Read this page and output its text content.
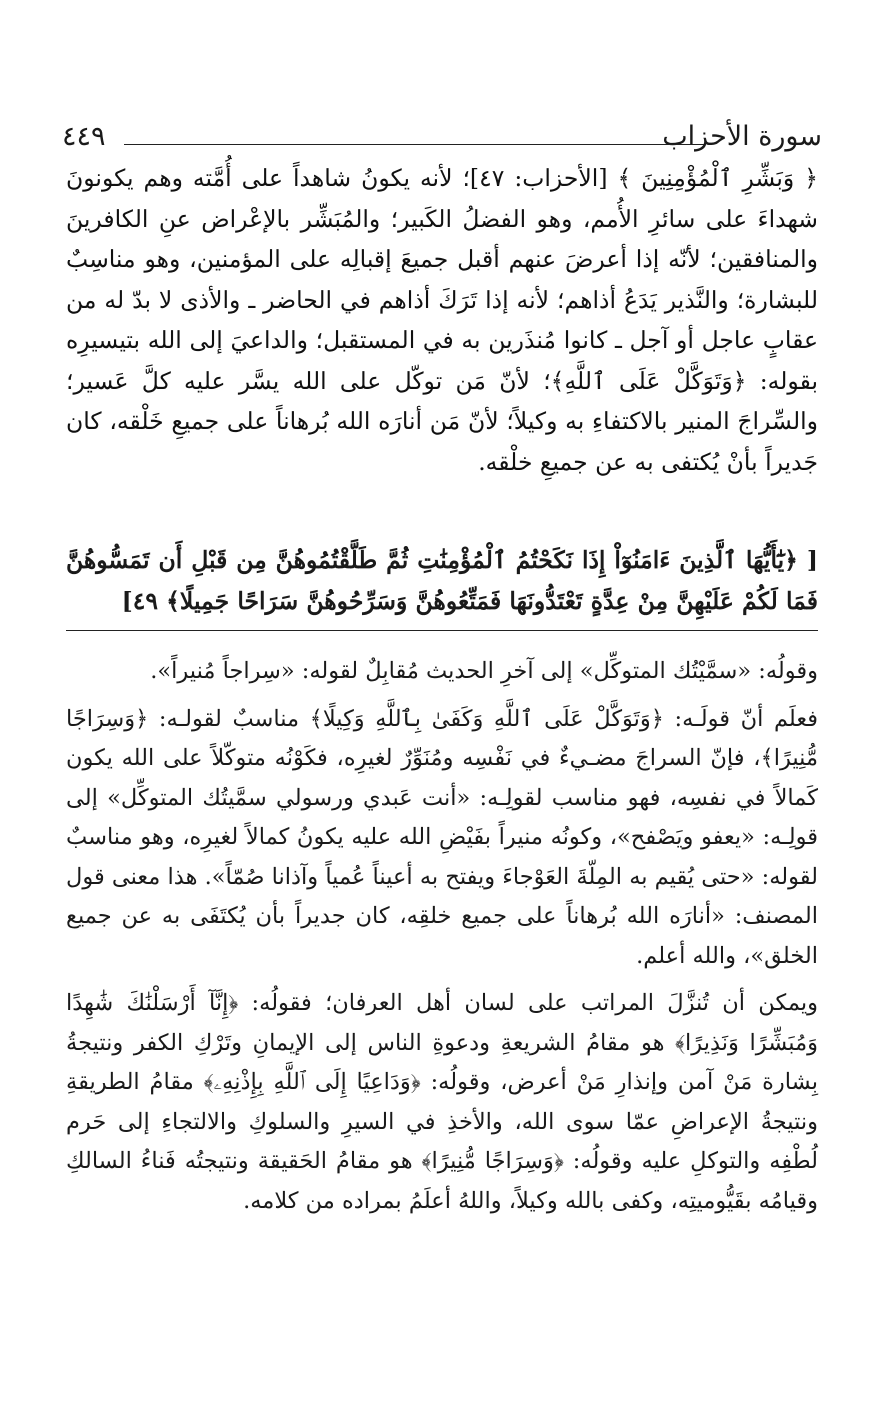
سورة الأحزاب
٤٤٩

﴿ وَبَشِّرِ ٱلْمُؤْمِنِينَ ﴾ [الأحزاب: ٤٧]؛ لأنه يكونُ شاهداً على أُمَّته وهم يكونونَ شهداءَ على سائرِ الأُمم، وهو الفضلُ الكَبير؛ والمُبَشِّر بالإعْراض عنِ الكافرينَ والمنافقين؛ لأنّه إذا أعرضَ عنهم أقبل جميعَ إقبالِه على المؤمنين، وهو مناسِبٌ للبشارة؛ والنَّذير يَدَعُ أذاهم؛ لأنه إذا تَرَكَ أذاهم في الحاضر ـ والأذى لا بدّ له من عقابٍ عاجل أو آجل ـ كانوا مُنذَرين به في المستقبل؛ والداعيَ إلى الله بتيسيرِه بقوله: ﴿وَتَوَكَّلْ عَلَى ٱللَّهِ﴾؛ لأنّ مَن توكّل على الله يسَّر عليه كلَّ عَسير؛ والسِّراجَ المنير بالاكتفاءِ به وكيلاً؛ لأنّ مَن أنارَه الله بُرهاناً على جميعِ خَلْقه، كان جَديراً بأنْ يُكتفى به عن جميعِ خلْقه.

[ ﴿يَٰٓأَيُّهَا ٱلَّذِينَ ءَامَنُوٓاْ إِذَا نَكَحْتُمُ ٱلْمُؤْمِنَٰتِ ثُمَّ طَلَّقْتُمُوهُنَّ مِن قَبْلِ أَن تَمَسُّوهُنَّ فَمَا لَكُمْ عَلَيْهِنَّ مِنْ عِدَّةٍ تَعْتَدُّونَهَا فَمَتِّعُوهُنَّ وَسَرِّحُوهُنَّ سَرَاحًا جَمِيلًا﴾ ٤٩]

وقولُه: «سمَّيْتُك المتوكِّل» إلى آخرِ الحديث مُقابِلٌ لقوله: «سِراجاً مُنيراً».

فعلَم أنّ قولَـه: ﴿وَتَوَكَّلْ عَلَى ٱللَّهِ وَكَفَىٰ بِٱللَّهِ وَكِيلًا﴾ مناسبٌ لقولـه: ﴿وَسِرَاجًا مُّنِيرًا﴾، فإنّ السراجَ مضـيءٌ في نَفْسِه ومُنَوِّرٌ لغيرِه، فكَوْنُه متوكّلاً على الله يكون كَمالاً في نفسِه، فهو مناسب لقولِـه: «أنت عَبدي ورسولي سمَّيتُك المتوكِّل» إلى قولِـه: «يعفو ويَصْفح»، وكونُه منيراً بفَيْضِ الله عليه يكونُ كمالاً لغيرِه، وهو مناسبٌ لقوله: «حتى يُقيم به المِلّةَ العَوْجاءَ ويفتح به أعيناً عُمياً وآذانا صُمّاً». هذا معنى قول المصنف: «أنارَه الله بُرهاناً على جميع خلقِه، كان جديراً بأن يُكتَفَى به عن جميع الخلق»، والله أعلم.

ويمكن أن تُنزَّلَ المراتب على لسان أهل العرفان؛ فقولُه: ﴿إِنَّآ أَرْسَلْنَٰكَ شَٰهِدًا وَمُبَشِّرًا وَنَذِيرًا﴾ هو مقامُ الشريعةِ ودعوةِ الناس إلى الإيمانِ وتَرْكِ الكفر ونتيجةُ بِشارة مَنْ آمن وإنذارِ مَنْ أعرض، وقولُه: ﴿وَدَاعِيًا إِلَى ٱللَّهِ بِإِذْنِهِۦ﴾ مقامُ الطريقةِ ونتيجةُ الإعراضِ عمّا سوى الله، والأخذِ في السيرِ والسلوكِ والالتجاءِ إلى حَرم لُطْفِه والتوكلِ عليه وقولُه: ﴿وَسِرَاجًا مُّنِيرًا﴾ هو مقامُ الحَقيقة ونتيجتُه فَناءُ السالكِ وقيامُه بقَيُّوميتِه، وكفى بالله وكيلاً، واللهُ أعلَمُ بمراده من كلامه.
